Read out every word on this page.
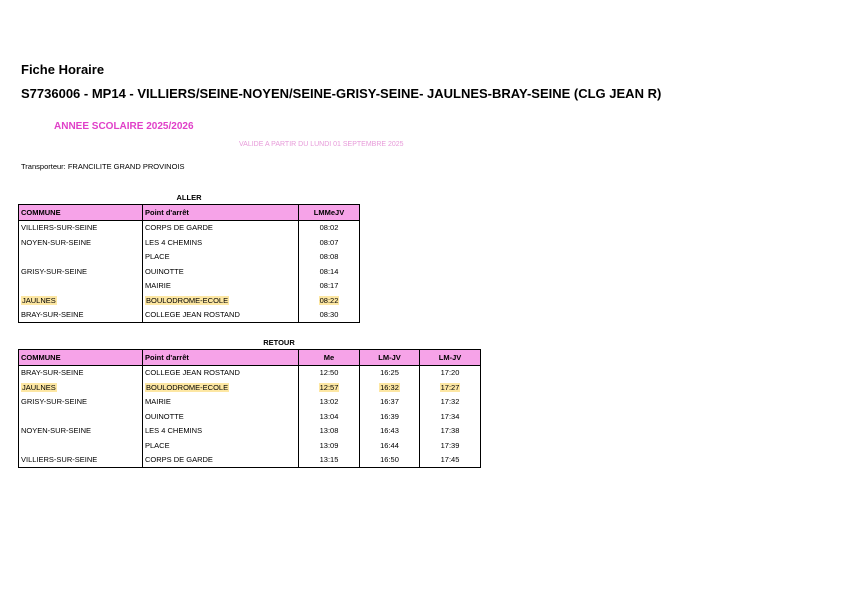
Fiche Horaire
S7736006 - MP14 - VILLIERS/SEINE-NOYEN/SEINE-GRISY-SEINE- JAULNES-BRAY-SEINE (CLG JEAN R)
ANNEE SCOLAIRE 2025/2026
VALIDE A PARTIR DU LUNDI 01 SEPTEMBRE 2025
Transporteur: FRANCILITE GRAND PROVINOIS
ALLER
COMMUNE	Point d'arrêt	LMMeJV
VILLIERS-SUR-SEINE	CORPS DE GARDE	08:02
NOYEN-SUR-SEINE	LES 4 CHEMINS	08:07
	PLACE	08:08
GRISY-SUR-SEINE	OUINOTTE	08:14
	MAIRIE	08:17
JAULNES	BOULODROME-ECOLE	08:22
BRAY-SUR-SEINE	COLLEGE JEAN ROSTAND	08:30
RETOUR
COMMUNE	Point d'arrêt	Me	LM-JV	LM-JV
BRAY-SUR-SEINE	COLLEGE JEAN ROSTAND	12:50	16:25	17:20
JAULNES	BOULODROME-ECOLE	12:57	16:32	17:27
GRISY-SUR-SEINE	MAIRIE	13:02	16:37	17:32
	OUINOTTE	13:04	16:39	17:34
NOYEN-SUR-SEINE	LES 4 CHEMINS	13:08	16:43	17:38
	PLACE	13:09	16:44	17:39
VILLIERS-SUR-SEINE	CORPS DE GARDE	13:15	16:50	17:45
